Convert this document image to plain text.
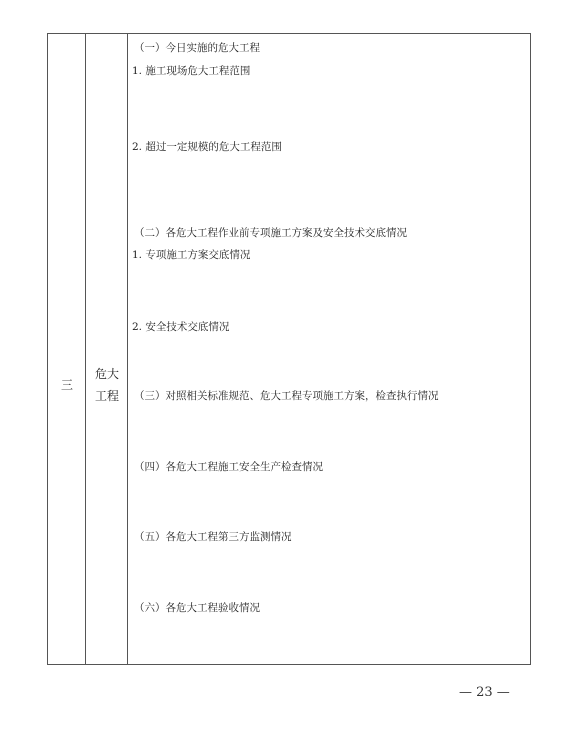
三
危大
工程
（一）今日实施的危大工程
1. 施工现场危大工程范围
2. 超过一定规模的危大工程范围
（二）各危大工程作业前专项施工方案及安全技术交底情况
1. 专项施工方案交底情况
2. 安全技术交底情况
（三）对照相关标准规范、危大工程专项施工方案，检查执行情况
（四）各危大工程施工安全生产检查情况
（五）各危大工程第三方监测情况
（六）各危大工程验收情况
— 23 —
